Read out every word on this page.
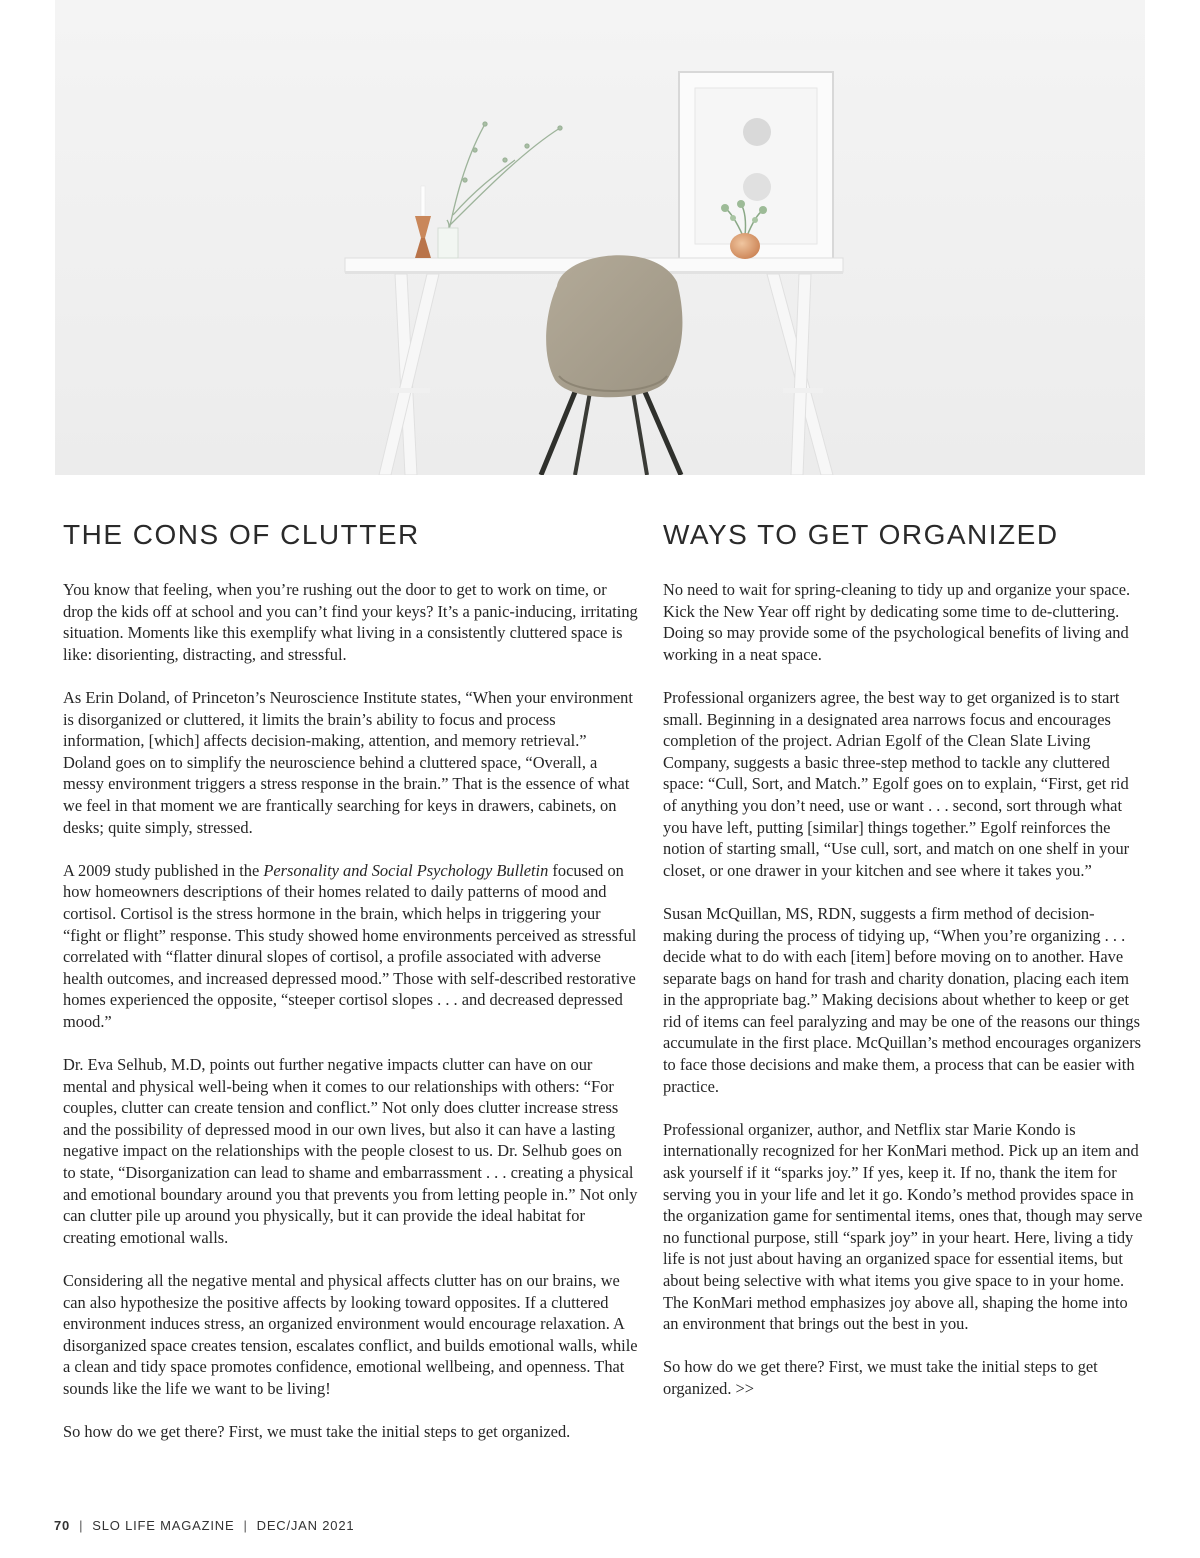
THE CONS OF CLUTTER

You know that feeling, when you’re rushing out the door to get to work on time, or drop the kids off at school and you can’t find your keys? It’s a panic-inducing, irritating situation. Moments like this exemplify what living in a consistently cluttered space is like: disorienting, distracting, and stressful.

As Erin Doland, of Princeton’s Neuroscience Institute states, “When your environment is disorganized or cluttered, it limits the brain’s ability to focus and process information, [which] affects decision-making, attention, and memory retrieval.” Doland goes on to simplify the neuroscience behind a cluttered space, “Overall, a messy environment triggers a stress response in the brain.” That is the essence of what we feel in that moment we are frantically searching for keys in drawers, cabinets, on desks; quite simply, stressed.

A 2009 study published in the Personality and Social Psychology Bulletin focused on how homeowners descriptions of their homes related to daily patterns of mood and cortisol. Cortisol is the stress hormone in the brain, which helps in triggering your “fight or flight” response. This study showed home environments perceived as stressful correlated with “flatter dinural slopes of cortisol, a profile associated with adverse health outcomes, and increased depressed mood.” Those with self-described restorative homes experienced the opposite, “steeper cortisol slopes . . . and decreased depressed mood.”

Dr. Eva Selhub, M.D, points out further negative impacts clutter can have on our mental and physical well-being when it comes to our relationships with others: “For couples, clutter can create tension and conflict.” Not only does clutter increase stress and the possibility of depressed mood in our own lives, but also it can have a lasting negative impact on the relationships with the people closest to us. Dr. Selhub goes on to state, “Disorganization can lead to shame and embarrassment . . . creating a physical and emotional boundary around you that prevents you from letting people in.” Not only can clutter pile up around you physically, but it can provide the ideal habitat for creating emotional walls.

Considering all the negative mental and physical affects clutter has on our brains, we can also hypothesize the positive affects by looking toward opposites. If a cluttered environment induces stress, an organized environment would encourage relaxation. A disorganized space creates tension, escalates conflict, and builds emotional walls, while a clean and tidy space promotes confidence, emotional wellbeing, and openness. That sounds like the life we want to be living!

So how do we get there? First, we must take the initial steps to get organized.

WAYS TO GET ORGANIZED

No need to wait for spring-cleaning to tidy up and organize your space. Kick the New Year off right by dedicating some time to de-cluttering. Doing so may provide some of the psychological benefits of living and working in a neat space.

Professional organizers agree, the best way to get organized is to start small. Beginning in a designated area narrows focus and encourages completion of the project. Adrian Egolf of the Clean Slate Living Company, suggests a basic three-step method to tackle any cluttered space: “Cull, Sort, and Match.” Egolf goes on to explain, “First, get rid of anything you don’t need, use or want . . . second, sort through what you have left, putting [similar] things together.” Egolf reinforces the notion of starting small, “Use cull, sort, and match on one shelf in your closet, or one drawer in your kitchen and see where it takes you.”

Susan McQuillan, MS, RDN, suggests a firm method of decision-making during the process of tidying up, “When you’re organizing . . . decide what to do with each [item] before moving on to another. Have separate bags on hand for trash and charity donation, placing each item in the appropriate bag.” Making decisions about whether to keep or get rid of items can feel paralyzing and may be one of the reasons our things accumulate in the first place. McQuillan’s method encourages organizers to face those decisions and make them, a process that can be easier with practice.

Professional organizer, author, and Netflix star Marie Kondo is internationally recognized for her KonMari method. Pick up an item and ask yourself if it “sparks joy.” If yes, keep it. If no, thank the item for serving you in your life and let it go. Kondo’s method provides space in the organization game for sentimental items, ones that, though may serve no functional purpose, still “spark joy” in your heart. Here, living a tidy life is not just about having an organized space for essential items, but about being selective with what items you give space to in your home. The KonMari method emphasizes joy above all, shaping the home into an environment that brings out the best in you.

So how do we get there? First, we must take the initial steps to get organized. >>

70 | SLO LIFE MAGAZINE | DEC/JAN 2021
